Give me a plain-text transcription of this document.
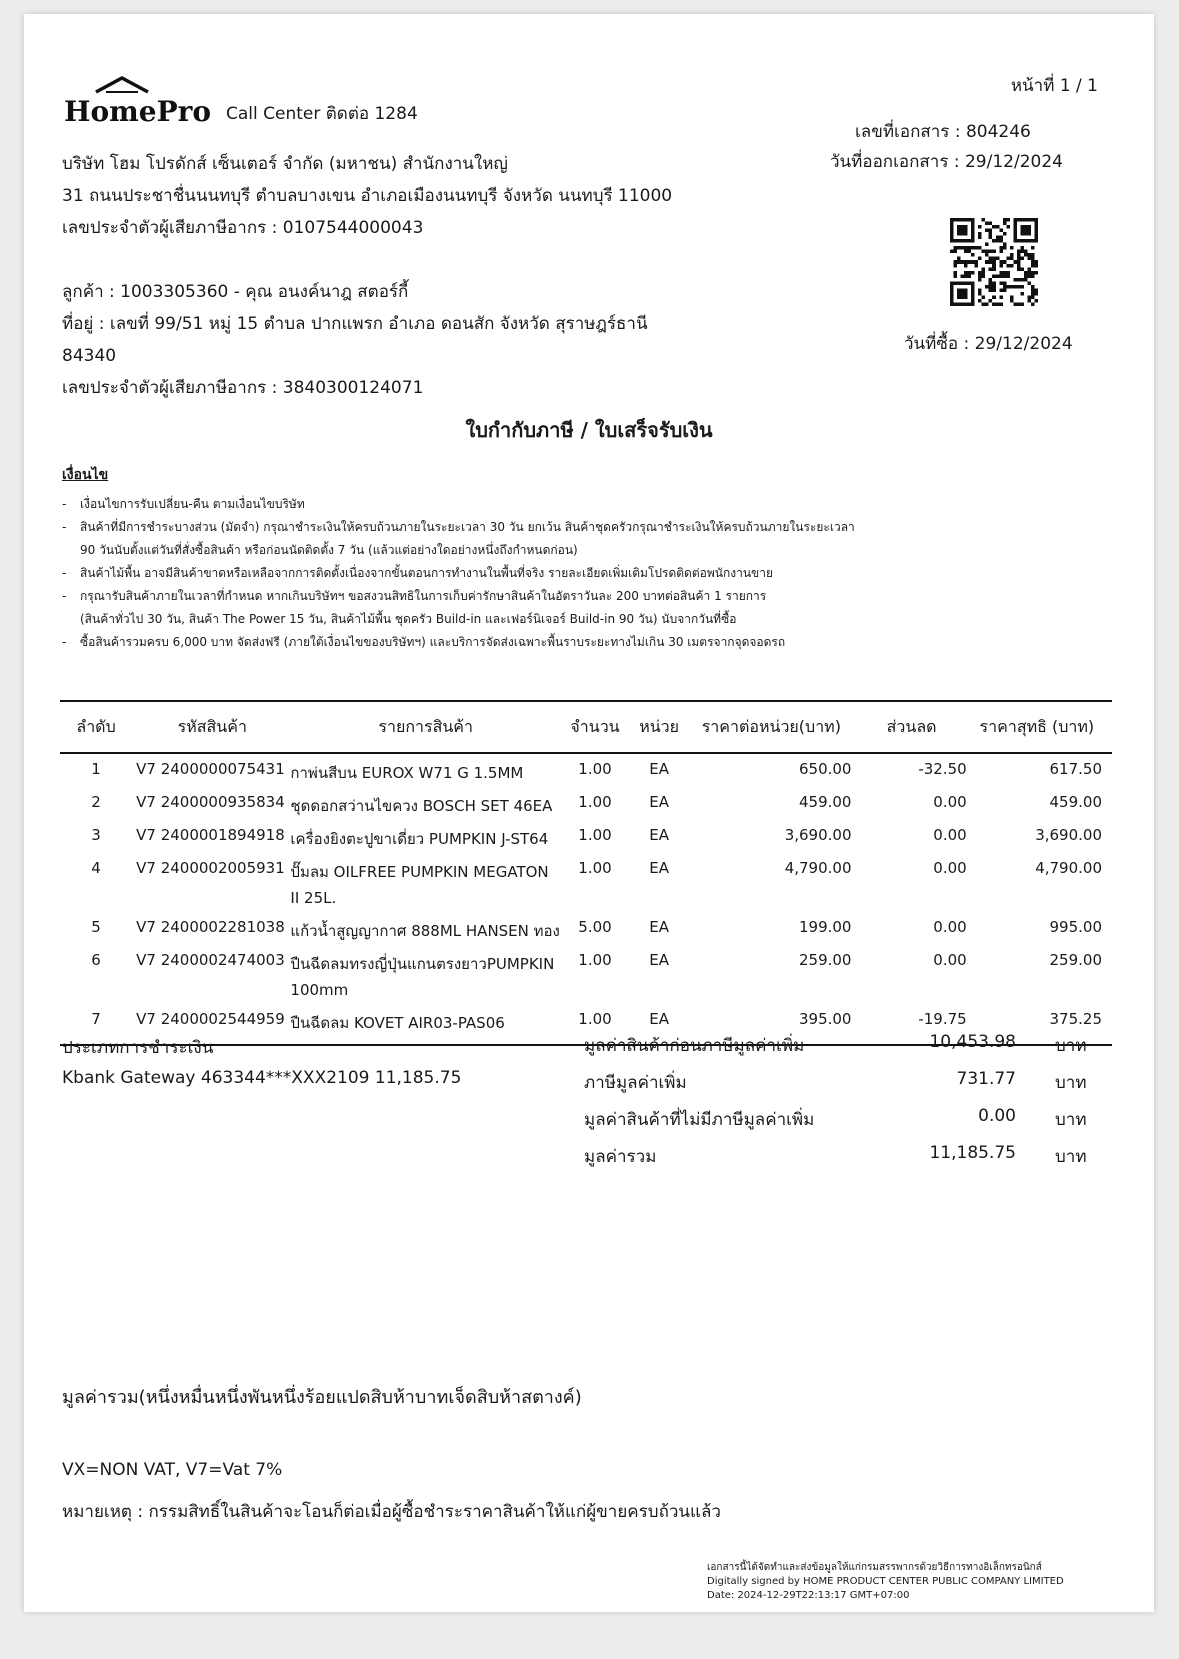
HomePro Call Center ติดต่อ 1284
หน้าที่ 1 / 1
เลขที่เอกสาร : 804246
วันที่ออกเอกสาร : 29/12/2024
วันที่ซื้อ : 29/12/2024
บริษัท โฮม โปรดักส์ เซ็นเตอร์ จำกัด (มหาชน) สำนักงานใหญ่
31 ถนนประชาชื่นนนทบุรี ตำบลบางเขน อำเภอเมืองนนทบุรี จังหวัด นนทบุรี 11000
เลขประจำตัวผู้เสียภาษีอากร : 0107544000043
ลูกค้า : 1003305360 - คุณ อนงค์นาฎ สตอร์กี้
ที่อยู่ : เลขที่ 99/51 หมู่ 15 ตำบล ปากแพรก อำเภอ ดอนสัก จังหวัด สุราษฎร์ธานี
84340
เลขประจำตัวผู้เสียภาษีอากร : 3840300124071
ใบกำกับภาษี / ใบเสร็จรับเงิน
เงื่อนไข
- เงื่อนไขการรับเปลี่ยน-คืน ตามเงื่อนไขบริษัท
- สินค้าที่มีการชำระบางส่วน (มัดจำ) กรุณาชำระเงินให้ครบถ้วนภายในระยะเวลา 30 วัน ยกเว้น สินค้าชุดครัวกรุณาชำระเงินให้ครบถ้วนภายในระยะเวลา
90 วันนับตั้งแต่วันที่สั่งซื้อสินค้า หรือก่อนนัดติดตั้ง 7 วัน (แล้วแต่อย่างใดอย่างหนึ่งถึงกำหนดก่อน)
- สินค้าไม้พื้น อาจมีสินค้าขาดหรือเหลือจากการติดตั้งเนื่องจากขั้นตอนการทำงานในพื้นที่จริง รายละเอียดเพิ่มเติมโปรดติดต่อพนักงานขาย
- กรุณารับสินค้าภายในเวลาที่กำหนด หากเกินบริษัทฯ ขอสงวนสิทธิในการเก็บค่ารักษาสินค้าในอัตราวันละ 200 บาทต่อสินค้า 1 รายการ
(สินค้าทั่วไป 30 วัน, สินค้า The Power 15 วัน, สินค้าไม้พื้น ชุดครัว Build-in และเฟอร์นิเจอร์ Build-in 90 วัน) นับจากวันที่ซื้อ
- ซื้อสินค้ารวมครบ 6,000 บาท จัดส่งฟรี (ภายใต้เงื่อนไขของบริษัทฯ) และบริการจัดส่งเฉพาะพื้นราบระยะทางไม่เกิน 30 เมตรจากจุดจอดรถ
ลำดับ	รหัสสินค้า	รายการสินค้า	จำนวน	หน่วย	ราคาต่อหน่วย(บาท)	ส่วนลด	ราคาสุทธิ (บาท)
1	V7 2400000075431	กาพ่นสีบน EUROX W71 G 1.5MM	1.00	EA	650.00	-32.50	617.50
2	V7 2400000935834	ชุดดอกสว่านไขควง BOSCH SET 46EA	1.00	EA	459.00	0.00	459.00
3	V7 2400001894918	เครื่องยิงตะปูขาเดี่ยว PUMPKIN J-ST64	1.00	EA	3,690.00	0.00	3,690.00
4	V7 2400002005931	ปั๊มลม OILFREE PUMPKIN MEGATON II 25L.	1.00	EA	4,790.00	0.00	4,790.00
5	V7 2400002281038	แก้วน้ำสูญญากาศ 888ML HANSEN ทอง	5.00	EA	199.00	0.00	995.00
6	V7 2400002474003	ปืนฉีดลมทรงญี่ปุ่นแกนตรงยาวPUMPKIN 100mm	1.00	EA	259.00	0.00	259.00
7	V7 2400002544959	ปืนฉีดลม KOVET AIR03-PAS06	1.00	EA	395.00	-19.75	375.25
ประเภทการชำระเงิน
Kbank Gateway 463344***XXX2109 11,185.75
มูลค่าสินค้าก่อนภาษีมูลค่าเพิ่ม	10,453.98 บาท
ภาษีมูลค่าเพิ่ม	731.77 บาท
มูลค่าสินค้าที่ไม่มีภาษีมูลค่าเพิ่ม	0.00 บาท
มูลค่ารวม	11,185.75 บาท
มูลค่ารวม(หนึ่งหมื่นหนึ่งพันหนึ่งร้อยแปดสิบห้าบาทเจ็ดสิบห้าสตางค์)
VX=NON VAT, V7=Vat 7%
หมายเหตุ : กรรมสิทธิ์ในสินค้าจะโอนก็ต่อเมื่อผู้ซื้อชำระราคาสินค้าให้แก่ผู้ขายครบถ้วนแล้ว
เอกสารนี้ได้จัดทำและส่งข้อมูลให้แก่กรมสรรพากรด้วยวิธีการทางอิเล็กทรอนิกส์
Digitally signed by HOME PRODUCT CENTER PUBLIC COMPANY LIMITED
Date: 2024-12-29T22:13:17 GMT+07:00
